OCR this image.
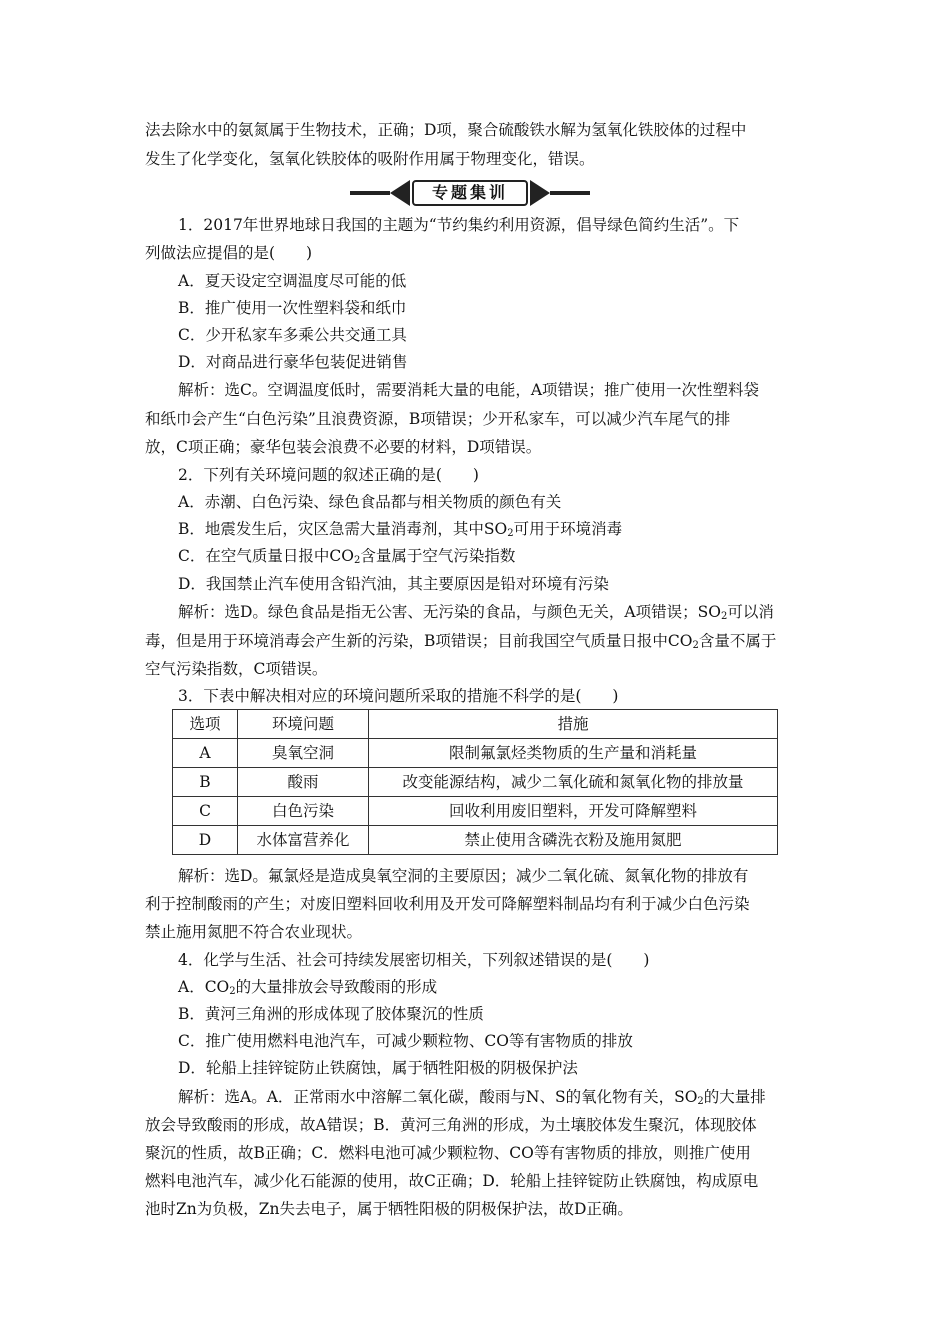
法去除水中的氨氮属于生物技术，正确；D项，聚合硫酸铁水解为氢氧化铁胶体的过程中
发生了化学变化，氢氧化铁胶体的吸附作用属于物理变化，错误。
专题集训
1．2017年世界地球日我国的主题为“节约集约利用资源，倡导绿色简约生活”。下
列做法应提倡的是(　　)
A．夏天设定空调温度尽可能的低
B．推广使用一次性塑料袋和纸巾
C．少开私家车多乘公共交通工具
D．对商品进行豪华包装促进销售
解析：选C。空调温度低时，需要消耗大量的电能，A项错误；推广使用一次性塑料袋
和纸巾会产生“白色污染”且浪费资源，B项错误；少开私家车，可以减少汽车尾气的排
放，C项正确；豪华包装会浪费不必要的材料，D项错误。
2．下列有关环境问题的叙述正确的是(　　)
A．赤潮、白色污染、绿色食品都与相关物质的颜色有关
B．地震发生后，灾区急需大量消毒剂，其中$SO_2$可用于环境消毒
C．在空气质量日报中$CO_2$含量属于空气污染指数
D．我国禁止汽车使用含铅汽油，其主要原因是铅对环境有污染
解析：选D。绿色食品是指无公害、无污染的食品，与颜色无关，A项错误；$SO_2$可以消
毒，但是用于环境消毒会产生新的污染，B项错误；目前我国空气质量日报中$CO_2$含量不属于
空气污染指数，C项错误。
3．下表中解决相对应的环境问题所采取的措施不科学的是(　　)
选项	环境问题	措施
A	臭氧空洞	限制氟氯烃类物质的生产量和消耗量
B	酸雨	改变能源结构，减少二氧化硫和氮氧化物的排放量
C	白色污染	回收利用废旧塑料，开发可降解塑料
D	水体富营养化	禁止使用含磷洗衣粉及施用氮肥
解析：选D。氟氯烃是造成臭氧空洞的主要原因；减少二氧化硫、氮氧化物的排放有
利于控制酸雨的产生；对废旧塑料回收利用及开发可降解塑料制品均有利于减少白色污染
禁止施用氮肥不符合农业现状。
4．化学与生活、社会可持续发展密切相关，下列叙述错误的是(　　)
A．$CO_2$的大量排放会导致酸雨的形成
B．黄河三角洲的形成体现了胶体聚沉的性质
C．推广使用燃料电池汽车，可减少颗粒物、CO等有害物质的排放
D．轮船上挂锌锭防止铁腐蚀，属于牺牲阳极的阴极保护法
解析：选A。A．正常雨水中溶解二氧化碳，酸雨与N、S的氧化物有关，$SO_2$的大量排
放会导致酸雨的形成，故A错误；B．黄河三角洲的形成，为土壤胶体发生聚沉，体现胶体
聚沉的性质，故B正确；C．燃料电池可减少颗粒物、CO等有害物质的排放，则推广使用
燃料电池汽车，减少化石能源的使用，故C正确；D．轮船上挂锌锭防止铁腐蚀，构成原电
池时Zn为负极，Zn失去电子，属于牺牲阳极的阴极保护法，故D正确。
